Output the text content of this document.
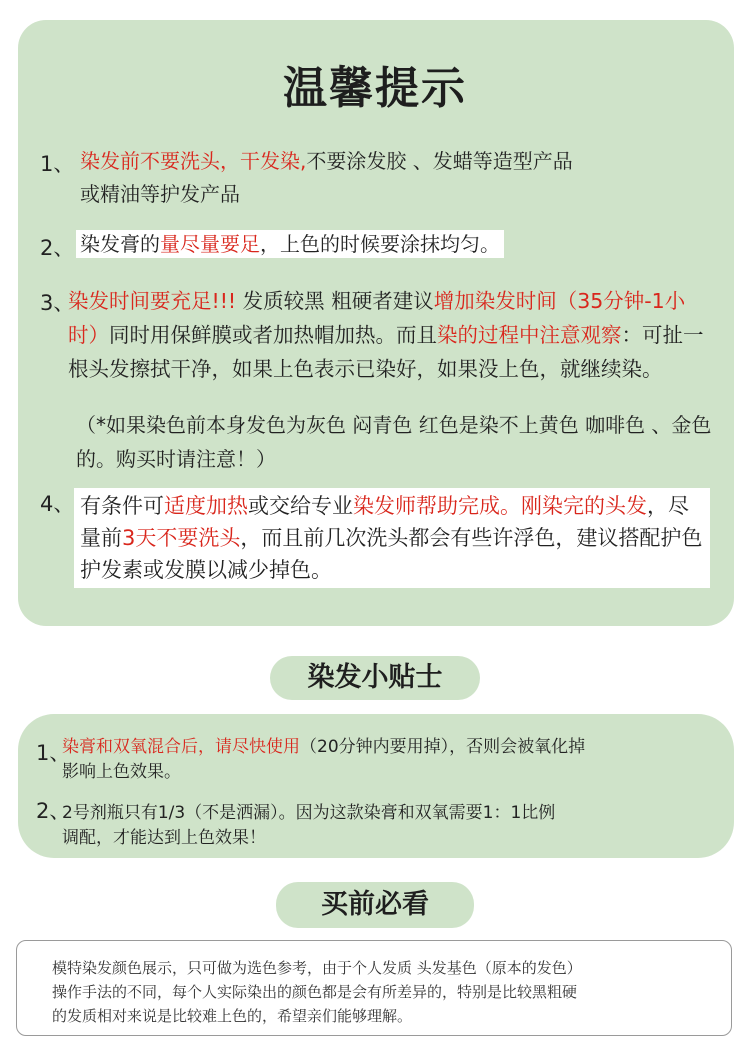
温馨提示
1、 染发前不要洗头，干发染,不要涂发胶 、发蜡等造型产品
或精油等护发产品
2、 染发膏的量尽量要足，上色的时候要涂抹均匀。
3、
染发时间要充足!!! 发质较黑 粗硬者建议增加染发时间（35分钟-1小时）同时用保鲜膜或者加热帽加热。而且染的过程中注意观察：可扯一根头发擦拭干净，如果上色表示已染好，如果没上色，就继续染。
（*如果染色前本身发色为灰色 闷青色 红色是染不上黄色 咖啡色 、金色的。购买时请注意！）
4、 有条件可适度加热或交给专业染发师帮助完成。刚染完的头发，尽量前3天不要洗头，而且前几次洗头都会有些许浮色，建议搭配护色护发素或发膜以减少掉色。
染发小贴士
1、
染膏和双氧混合后，请尽快使用（20分钟内要用掉），否则会被氧化掉
影响上色效果。
2、
2号剂瓶只有1/3（不是洒漏）。因为这款染膏和双氧需要1：1比例
调配，才能达到上色效果！
买前必看
模特染发颜色展示，只可做为选色参考，由于个人发质 头发基色（原本的发色）
操作手法的不同，每个人实际染出的颜色都是会有所差异的，特别是比较黑粗硬
的发质相对来说是比较难上色的，希望亲们能够理解。
